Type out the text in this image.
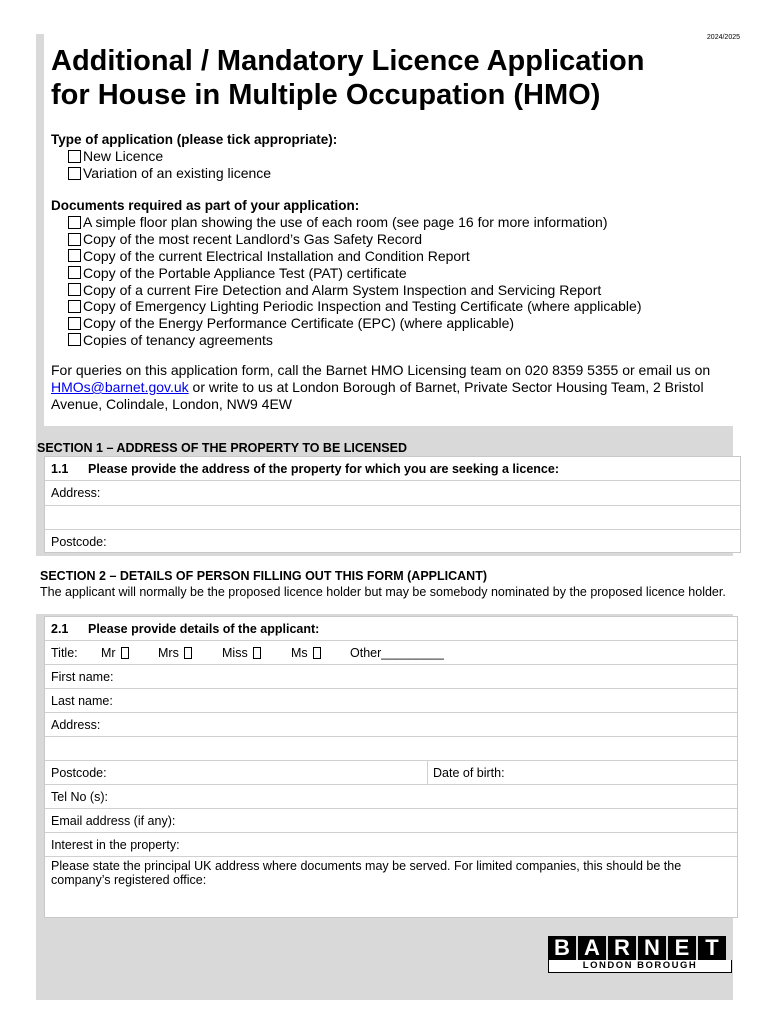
2024/2025
Additional / Mandatory Licence Application
for House in Multiple Occupation (HMO)
Type of application (please tick appropriate):
New Licence
Variation of an existing licence
Documents required as part of your application:
A simple floor plan showing the use of each room (see page 16 for more information)
Copy of the most recent Landlord’s Gas Safety Record
Copy of the current Electrical Installation and Condition Report
Copy of the Portable Appliance Test (PAT) certificate
Copy of a current Fire Detection and Alarm System Inspection and Servicing Report
Copy of Emergency Lighting Periodic Inspection and Testing Certificate (where applicable)
Copy of the Energy Performance Certificate (EPC) (where applicable)
Copies of tenancy agreements
For queries on this application form, call the Barnet HMO Licensing team on 020 8359 5355 or email us on HMOs@barnet.gov.uk or write to us at London Borough of Barnet, Private Sector Housing Team, 2 Bristol Avenue, Colindale, London, NW9 4EW
SECTION 1 – ADDRESS OF THE PROPERTY TO BE LICENSED
1.1	Please provide the address of the property for which you are seeking a licence:
Address:
Postcode:
SECTION 2 – DETAILS OF PERSON FILLING OUT THIS FORM (APPLICANT)
The applicant will normally be the proposed licence holder but may be somebody nominated by the proposed licence holder.
2.1	Please provide details of the applicant:
Title:	Mr	Mrs	Miss	Ms	Other_________
First name:
Last name:
Address:
Postcode:	Date of birth:
Tel No (s):
Email address (if any):
Interest in the property:
Please state the principal UK address where documents may be served. For limited companies, this should be the company’s registered office:
B A R N E T
LONDON BOROUGH
